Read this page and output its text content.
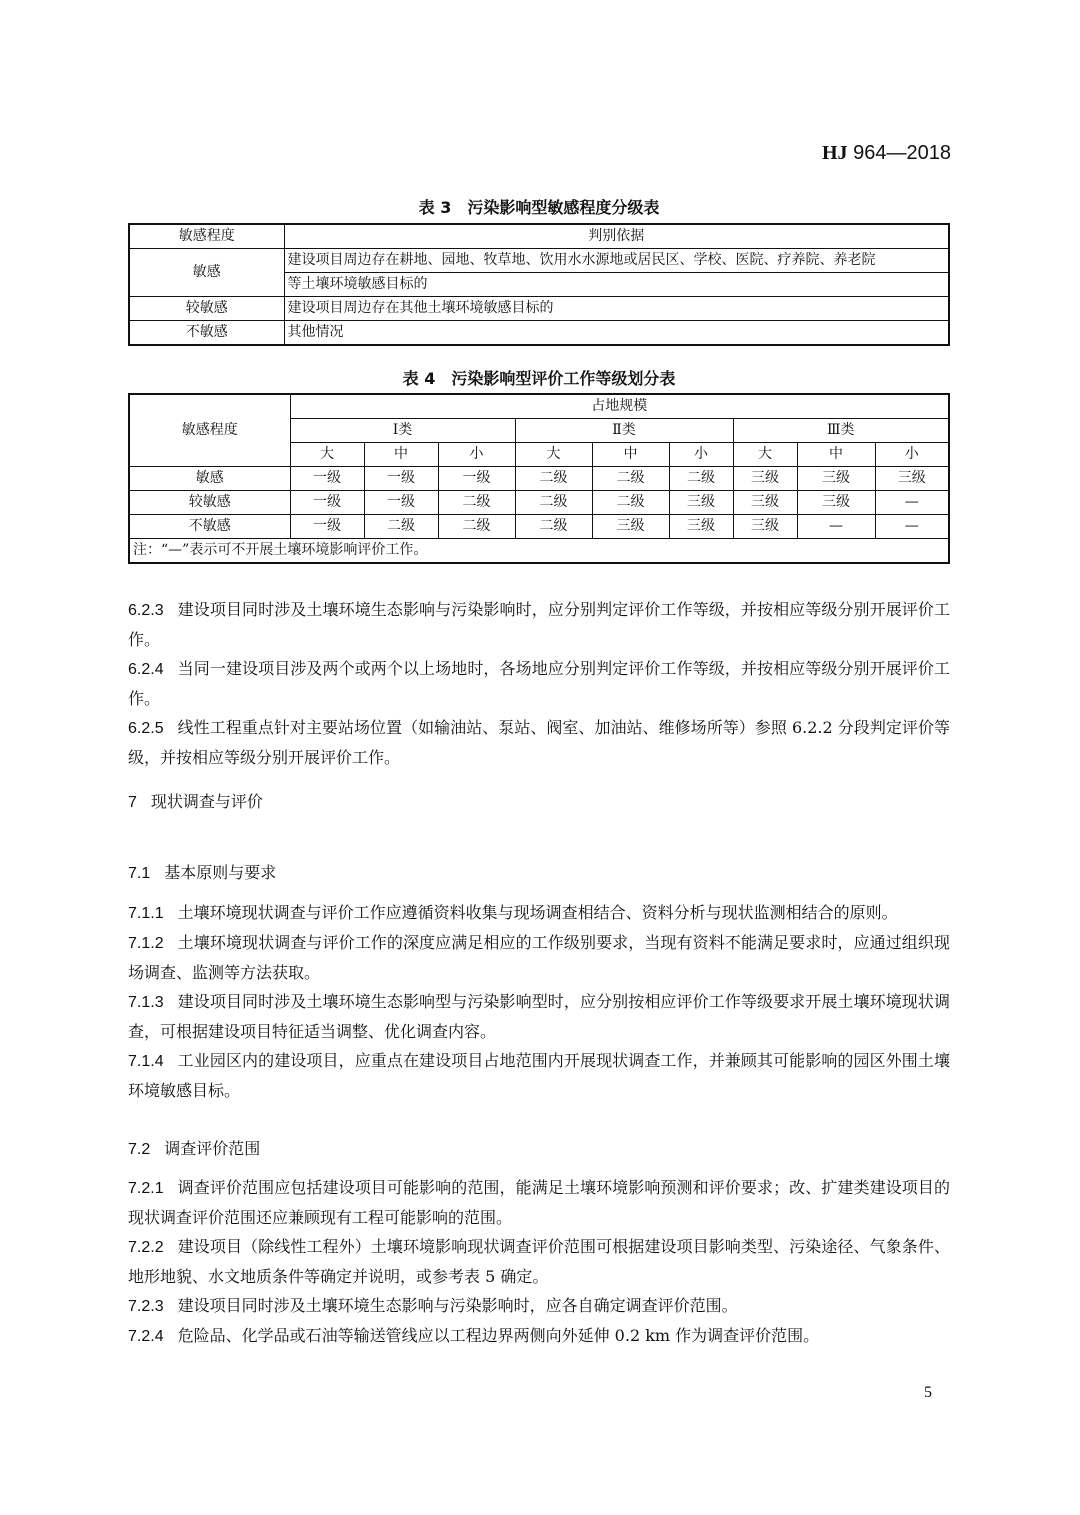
HJ 964—2018
表 3　污染影响型敏感程度分级表
敏感程度	判别依据
敏感	建设项目周边存在耕地、园地、牧草地、饮用水水源地或居民区、学校、医院、疗养院、养老院
等土壤环境敏感目标的

较敏感	建设项目周边存在其他土壤环境敏感目标的
不敏感	其他情况
表 4　污染影响型评价工作等级划分表
敏感程度	占地规模								
	Ⅰ类			Ⅱ类			Ⅲ类		
	大	中	小	大	中	小	大	中	小
敏感	一级	一级	一级	二级	二级	二级	三级	三级	三级
较敏感	一级	一级	二级	二级	二级	三级	三级	三级	—
不敏感	一级	二级	二级	二级	三级	三级	三级	—	—
注：“—”表示可不开展土壤环境影响评价工作。									

6.2.3 建设项目同时涉及土壤环境生态影响与污染影响时，应分别判定评价工作等级，并按相应等级分别开展评价工作。

6.2.4 当同一建设项目涉及两个或两个以上场地时，各场地应分别判定评价工作等级，并按相应等级分别开展评价工作。

6.2.5 线性工程重点针对主要站场位置（如输油站、泵站、阀室、加油站、维修场所等）参照 6.2.2 分段判定评价等级，并按相应等级分别开展评价工作。

7 现状调查与评价
7.1 基本原则与要求

7.1.1 土壤环境现状调查与评价工作应遵循资料收集与现场调查相结合、资料分析与现状监测相结合的原则。

7.1.2 土壤环境现状调查与评价工作的深度应满足相应的工作级别要求，当现有资料不能满足要求时，应通过组织现场调查、监测等方法获取。

7.1.3 建设项目同时涉及土壤环境生态影响型与污染影响型时，应分别按相应评价工作等级要求开展土壤环境现状调查，可根据建设项目特征适当调整、优化调查内容。

7.1.4 工业园区内的建设项目，应重点在建设项目占地范围内开展现状调查工作，并兼顾其可能影响的园区外围土壤环境敏感目标。

7.2 调查评价范围

7.2.1 调查评价范围应包括建设项目可能影响的范围，能满足土壤环境影响预测和评价要求；改、扩建类建设项目的现状调查评价范围还应兼顾现有工程可能影响的范围。

7.2.2 建设项目（除线性工程外）土壤环境影响现状调查评价范围可根据建设项目影响类型、污染途径、气象条件、地形地貌、水文地质条件等确定并说明，或参考表 5 确定。

7.2.3 建设项目同时涉及土壤环境生态影响与污染影响时，应各自确定调查评价范围。

7.2.4 危险品、化学品或石油等输送管线应以工程边界两侧向外延伸 0.2 km 作为调查评价范围。

5
